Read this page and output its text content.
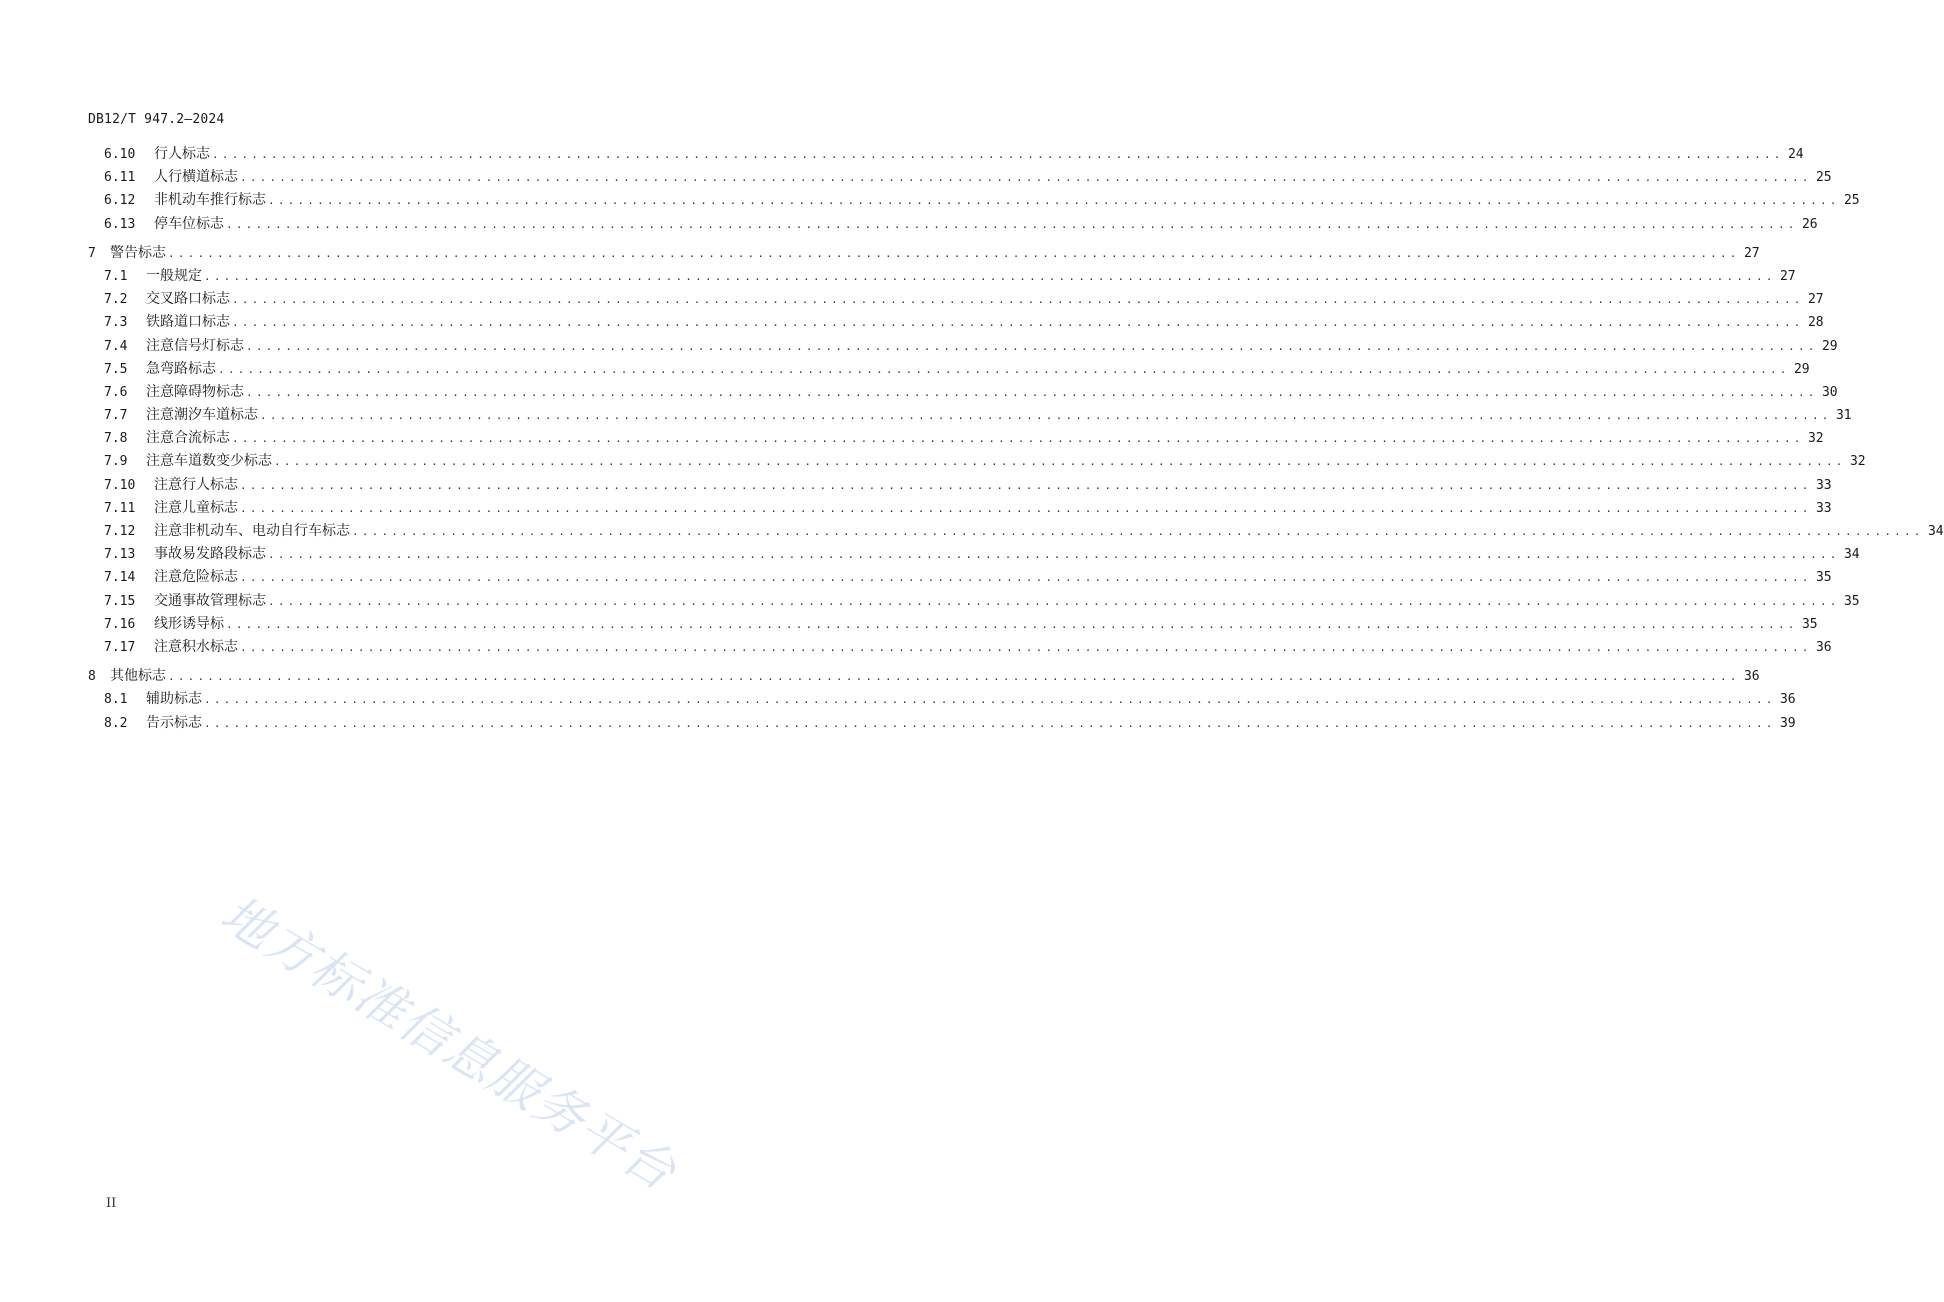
DB12/T 947.2—2024
6.10	行人标志 ................................................................................................................................................................ 24
6.11	人行横道标志 ................................................................................................................................................................ 25
6.12	非机动车推行标志 ................................................................................................................................................................ 25
6.13	停车位标志 ................................................................................................................................................................ 26
7	警告标志 ................................................................................................................................................................ 27
7.1	一般规定 ................................................................................................................................................................ 27
7.2	交叉路口标志 ................................................................................................................................................................ 27
7.3	铁路道口标志 ................................................................................................................................................................ 28
7.4	注意信号灯标志 ................................................................................................................................................................ 29
7.5	急弯路标志 ................................................................................................................................................................ 29
7.6	注意障碍物标志 ................................................................................................................................................................ 30
7.7	注意潮汐车道标志 ................................................................................................................................................................ 31
7.8	注意合流标志 ................................................................................................................................................................ 32
7.9	注意车道数变少标志 ................................................................................................................................................................ 32
7.10	注意行人标志 ................................................................................................................................................................ 33
7.11	注意儿童标志 ................................................................................................................................................................ 33
7.12	注意非机动车、电动自行车标志 ................................................................................................................................................................ 34
7.13	事故易发路段标志 ................................................................................................................................................................ 34
7.14	注意危险标志 ................................................................................................................................................................ 35
7.15	交通事故管理标志 ................................................................................................................................................................ 35
7.16	线形诱导标 ................................................................................................................................................................ 35
7.17	注意积水标志 ................................................................................................................................................................ 36
8	其他标志 ................................................................................................................................................................ 36
8.1	辅助标志 ................................................................................................................................................................ 36
8.2	告示标志 ................................................................................................................................................................ 39
地方标准信息服务平台
II
